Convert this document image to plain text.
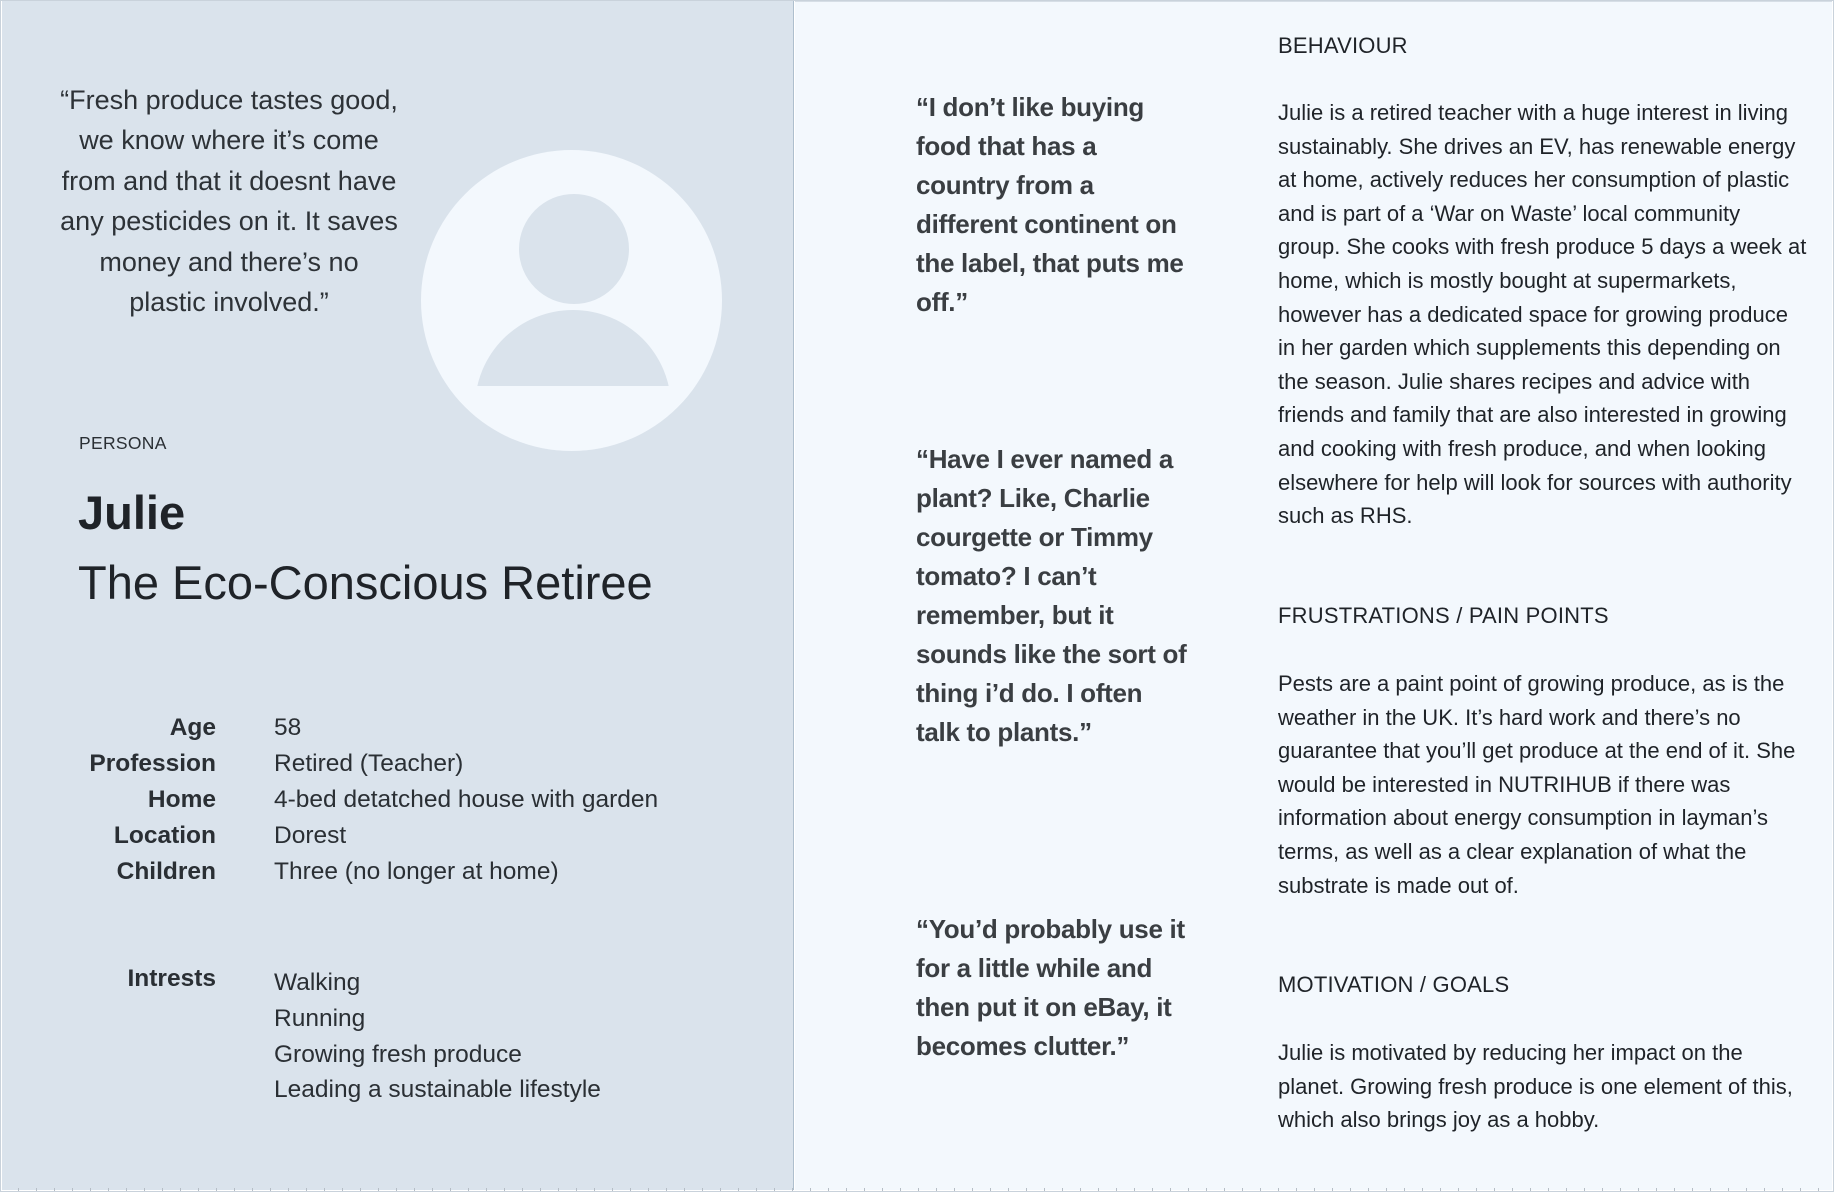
“Fresh produce tastes good, we know where it’s come from and that it doesnt have any pesticides on it. It saves money and there’s no plastic involved.”
PERSONA
Julie
The Eco-Conscious Retiree
Age 58
Profession Retired (Teacher)
Home 4-bed detatched house with garden
Location Dorest
Children Three (no longer at home)
Intrests Walking
Running
Growing fresh produce
Leading a sustainable lifestyle
“I don’t like buying food that has a country from a different continent on the label, that puts me off.”
“Have I ever named a plant? Like, Charlie courgette or Timmy tomato? I can’t remember, but it sounds like the sort of thing i’d do. I often talk to plants.”
“You’d probably use it for a little while and then put it on eBay, it becomes clutter.”
BEHAVIOUR
Julie is a retired teacher with a huge interest in living sustainably. She drives an EV, has renewable energy at home, actively reduces her consumption of plastic and is part of a ‘War on Waste’ local community group. She cooks with fresh produce 5 days a week at home, which is mostly bought at supermarkets, however has a dedicated space for growing produce in her garden which supplements this depending on the season. Julie shares recipes and advice with friends and family that are also interested in growing and cooking with fresh produce, and when looking elsewhere for help will look for sources with authority such as RHS.
FRUSTRATIONS / PAIN POINTS
Pests are a paint point of growing produce, as is the weather in the UK. It’s hard work and there’s no guarantee that you’ll get produce at the end of it. She would be interested in NUTRIHUB if there was information about energy consumption in layman’s terms, as well as a clear explanation of what the substrate is made out of.
MOTIVATION / GOALS
Julie is motivated by reducing her impact on the planet. Growing fresh produce is one element of this, which also brings joy as a hobby.
